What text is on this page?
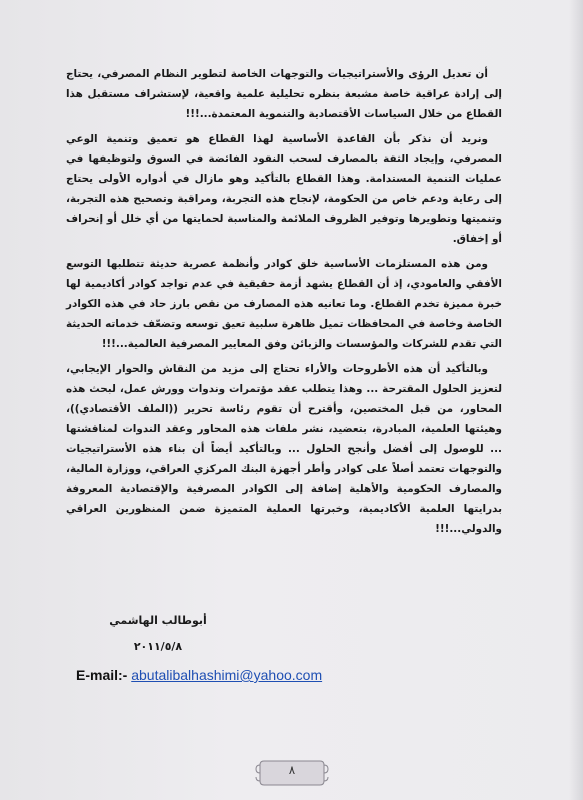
أن تعديل الرؤى والأستراتيجيات والتوجهات الخاصة لتطوير النظام المصرفي، يحتاج إلى إرادة عراقية خاصة مشبعة بنظره تحليلية علمية واقعية، لإستشراف مستقبل هذا القطاع من خلال السياسات الأقتصادية والتنموية المعتمدة...!!!

ونريد أن نذكر بأن القاعدة الأساسية لهذا القطاع هو تعميق وتنمية الوعي المصرفي، وإيجاد الثقة بالمصارف لسحب النقود الفائضة في السوق ولتوظيفها في عمليات التنمية المستدامة. وهذا القطاع بالتأكيد وهو مازال في أدواره الأولى يحتاج إلى رعاية ودعم خاص من الحكومة، لإنجاح هذه التجربة، ومراقبة وتصحيح هذه التجربة، وتنميتها وتطويرها وتوفير الظروف الملائمة والمناسبة لحمايتها من أي خلل أو إنحراف أو إخفاق.

ومن هذه المستلزمات الأساسية خلق كوادر وأنظمة عصرية حديثة تتطلبها التوسع الأفقي والعامودي، إذ أن القطاع يشهد أزمة حقيقية في عدم تواجد كوادر أكاديمية لها خبرة مميزة تخدم القطاع. وما تعانيه هذه المصارف من نقص بارز حاد في هذه الكوادر الخاصة وخاصة في المحافظات تميل ظاهرة سلبية تعيق توسعه وتضعّف خدماته الحديثة التي تقدم للشركات والمؤسسات والزبائن وفق المعايير المصرفية العالمية...!!!

وبالتأكيد أن هذه الأطروحات والأراء تحتاج إلى مزيد من النقاش والحوار الإيجابي، لتعزيز الحلول المقترحة ... وهذا يتطلب عقد مؤتمرات وندوات وورش عمل، لبحث هذه المحاور، من قبل المختصين، وأقترح أن تقوم رئاسة تحرير ((الملف الأقتصادي))، وهيئتها العلمية، المبادرة، بتعضيد، نشر ملفات هذه المحاور وعقد الندوات لمناقشتها ... للوصول إلى أفضل وأنجح الحلول ... وبالتأكيد أيضاً أن بناء هذه الأستراتيجيات والتوجهات تعتمد أصلاً على كوادر وأطر أجهزة البنك المركزي العراقي، ووزارة المالية، والمصارف الحكومية والأهلية إضافة إلى الكوادر المصرفية والإقتصادية المعروفة بدرايتها العلمية الأكاديمية، وخبرتها العملية المتميزة ضمن المنظورين العراقي والدولي...!!!

أبوطالب الهاشمي
٢٠١١/٥/٨
E-mail:- abutalibalhashimi@yahoo.com
٨
